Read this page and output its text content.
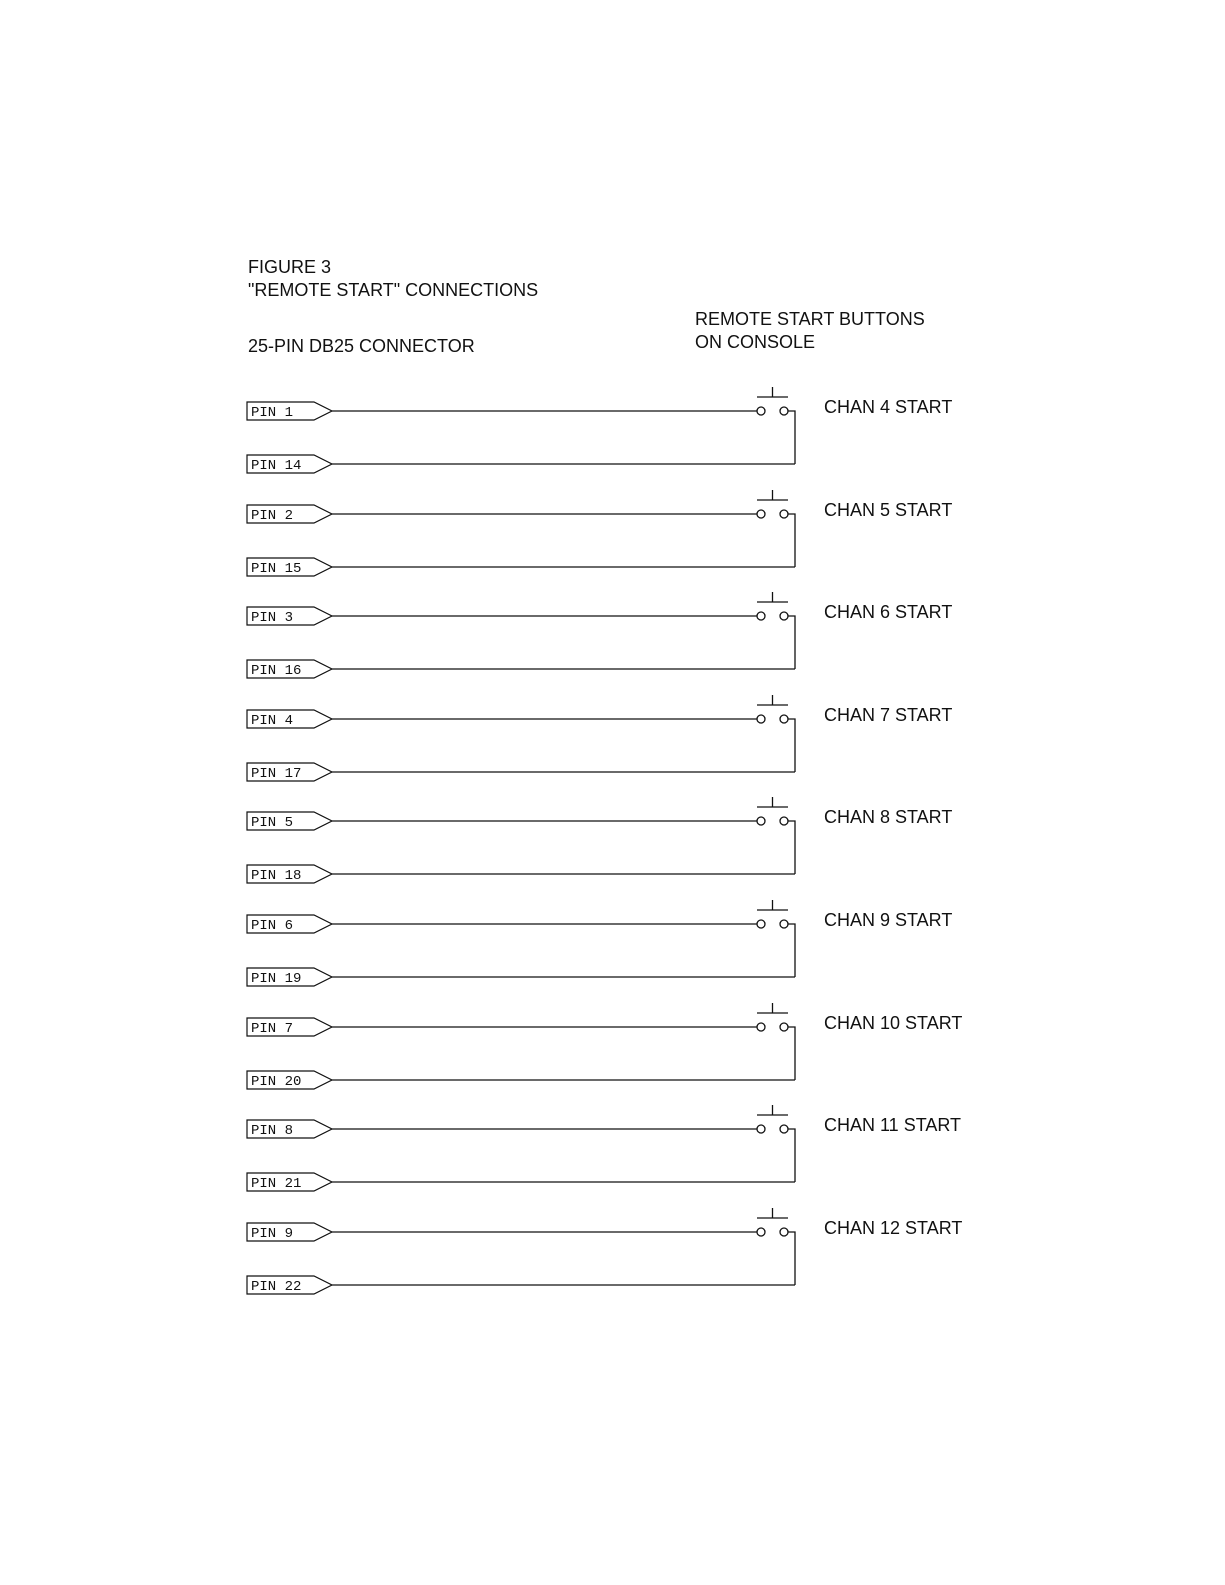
FIGURE 3
"REMOTE START" CONNECTIONS
25-PIN DB25 CONNECTOR
REMOTE START BUTTONS
ON CONSOLE
PIN 1
PIN 14
CHAN 4 START
PIN 2
PIN 15
CHAN 5 START
PIN 3
PIN 16
CHAN 6 START
PIN 4
PIN 17
CHAN 7 START
PIN 5
PIN 18
CHAN 8 START
PIN 6
PIN 19
CHAN 9 START
PIN 7
PIN 20
CHAN 10 START
PIN 8
PIN 21
CHAN 11 START
PIN 9
PIN 22
CHAN 12 START
